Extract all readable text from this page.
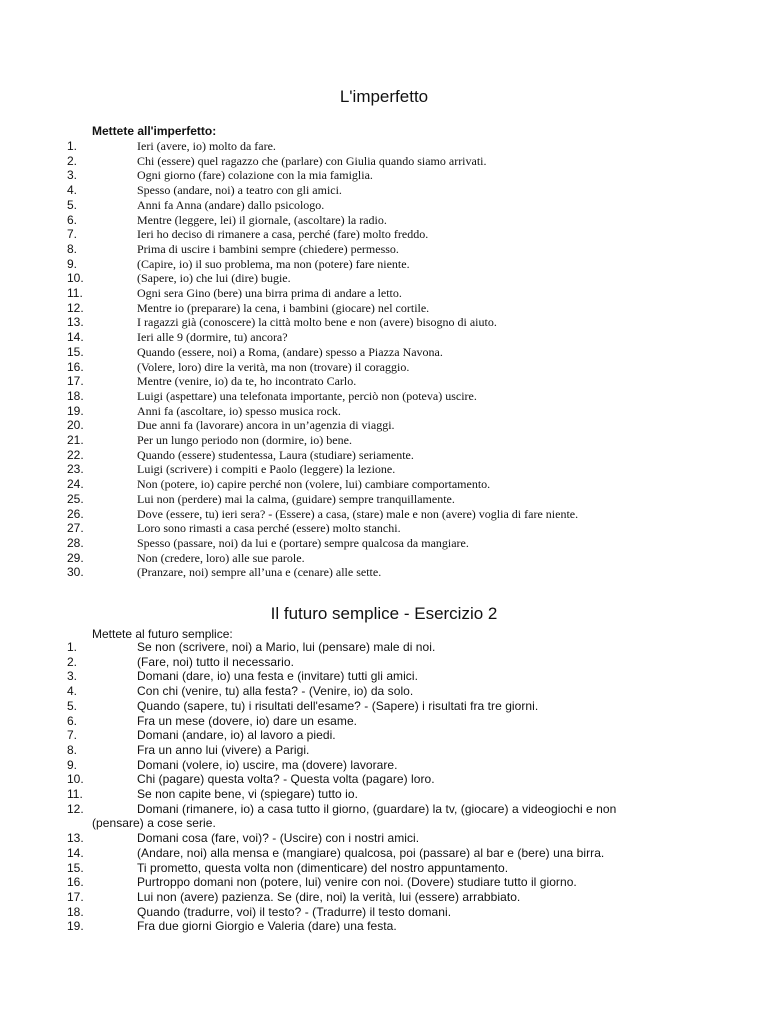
L'imperfetto

Mettete all'imperfetto:

1.	Ieri (avere, io) molto da fare.
2.	Chi (essere) quel ragazzo che (parlare) con Giulia quando siamo arrivati.
3.	Ogni giorno (fare) colazione con la mia famiglia.
4.	Spesso (andare, noi) a teatro con gli amici.
5.	Anni fa Anna (andare) dallo psicologo.
6.	Mentre (leggere, lei) il giornale, (ascoltare) la radio.
7.	Ieri ho deciso di rimanere a casa, perché (fare) molto freddo.
8.	Prima di uscire i bambini sempre (chiedere) permesso.
9.	(Capire, io) il suo problema, ma non (potere) fare niente.
10.	(Sapere, io) che lui (dire) bugie.
11.	Ogni sera Gino (bere) una birra prima di andare a letto.
12.	Mentre io (preparare) la cena, i bambini (giocare) nel cortile.
13.	I ragazzi già (conoscere) la città molto bene e non (avere) bisogno di aiuto.
14.	Ieri alle 9 (dormire, tu) ancora?
15.	Quando (essere, noi) a Roma, (andare) spesso a Piazza Navona.
16.	(Volere, loro) dire la verità, ma non (trovare) il coraggio.
17.	Mentre (venire, io) da te, ho incontrato Carlo.
18.	Luigi (aspettare) una telefonata importante, perciò non (poteva) uscire.
19.	Anni fa (ascoltare, io) spesso musica rock.
20.	Due anni fa (lavorare) ancora in un’agenzia di viaggi.
21.	Per un lungo periodo non (dormire, io) bene.
22.	Quando (essere) studentessa, Laura (studiare) seriamente.
23.	Luigi (scrivere) i compiti e Paolo (leggere) la lezione.
24.	Non (potere, io) capire perché non (volere, lui) cambiare comportamento.
25.	Lui non (perdere) mai la calma, (guidare) sempre tranquillamente.
26.	Dove (essere, tu) ieri sera? - (Essere) a casa, (stare) male e non (avere) voglia di fare niente.
27.	Loro sono rimasti a casa perché (essere) molto stanchi.
28.	Spesso (passare, noi) da lui e (portare) sempre qualcosa da mangiare.
29.	Non (credere, loro) alle sue parole.
30.	(Pranzare, noi) sempre all’una e (cenare) alle sette.
Il futuro semplice - Esercizio 2

Mettete al futuro semplice:

1.	Se non (scrivere, noi) a Mario, lui (pensare) male di noi.
2.	(Fare, noi) tutto il necessario.
3.	Domani (dare, io) una festa e (invitare) tutti gli amici.
4.	Con chi (venire, tu) alla festa? - (Venire, io) da solo.
5.	Quando (sapere, tu) i risultati dell'esame? - (Sapere) i risultati fra tre giorni.
6.	Fra un mese (dovere, io) dare un esame.
7.	Domani (andare, io) al lavoro a piedi.
8.	Fra un anno lui (vivere) a Parigi.
9.	Domani (volere, io) uscire, ma (dovere) lavorare.
10.	Chi (pagare) questa volta? - Questa volta (pagare) loro.
11.	Se non capite bene, vi (spiegare) tutto io.
12.	Domani (rimanere, io) a casa tutto il giorno, (guardare) la tv, (giocare) a videogiochi e non
(pensare) a cose serie.
13.	Domani cosa (fare, voi)? - (Uscire) con i nostri amici.
14.	(Andare, noi) alla mensa e (mangiare) qualcosa, poi (passare) al bar e (bere) una birra.
15.	Ti prometto, questa volta non (dimenticare) del nostro appuntamento.
16.	Purtroppo domani non (potere, lui) venire con noi. (Dovere) studiare tutto il giorno.
17.	Lui non (avere) pazienza. Se (dire, noi) la verità, lui (essere) arrabbiato.
18.	Quando (tradurre, voi) il testo? - (Tradurre) il testo domani.
19.	Fra due giorni Giorgio e Valeria (dare) una festa.
